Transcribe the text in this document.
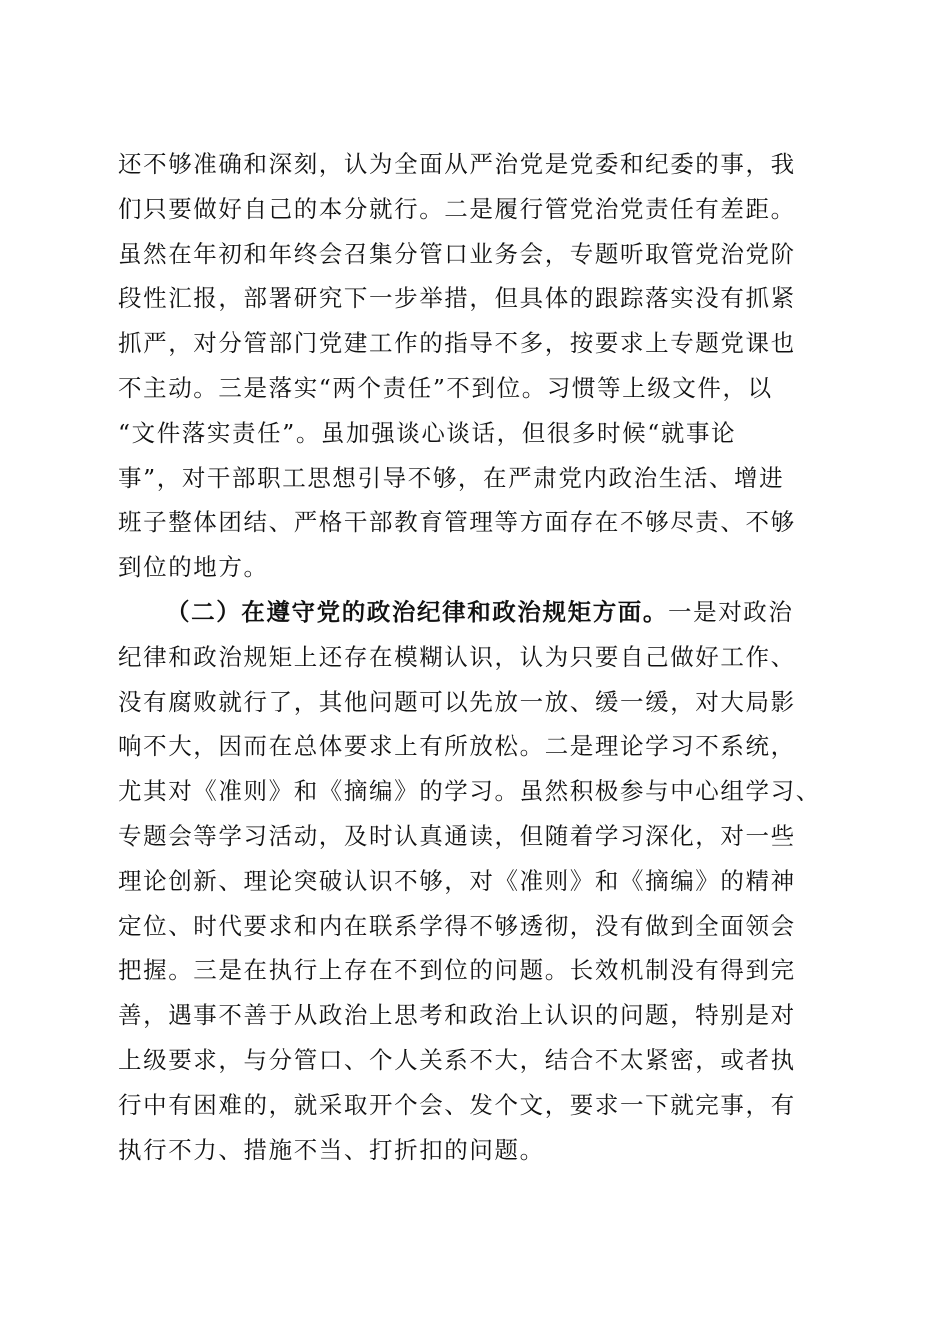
还不够准确和深刻，认为全面从严治党是党委和纪委的事，我
们只要做好自己的本分就行。二是履行管党治党责任有差距。
虽然在年初和年终会召集分管口业务会，专题听取管党治党阶
段性汇报，部署研究下一步举措，但具体的跟踪落实没有抓紧
抓严，对分管部门党建工作的指导不多，按要求上专题党课也
不主动。三是落实“两个责任”不到位。习惯等上级文件，以
“文件落实责任”。虽加强谈心谈话，但很多时候“就事论
事”，对干部职工思想引导不够，在严肃党内政治生活、增进
班子整体团结、严格干部教育管理等方面存在不够尽责、不够
到位的地方。
（二）在遵守党的政治纪律和政治规矩方面。一是对政治
纪律和政治规矩上还存在模糊认识，认为只要自己做好工作、
没有腐败就行了，其他问题可以先放一放、缓一缓，对大局影
响不大，因而在总体要求上有所放松。二是理论学习不系统，
尤其对《准则》和《摘编》的学习。虽然积极参与中心组学习、
专题会等学习活动，及时认真通读，但随着学习深化，对一些
理论创新、理论突破认识不够，对《准则》和《摘编》的精神
定位、时代要求和内在联系学得不够透彻，没有做到全面领会
把握。三是在执行上存在不到位的问题。长效机制没有得到完
善，遇事不善于从政治上思考和政治上认识的问题，特别是对
上级要求，与分管口、个人关系不大，结合不太紧密，或者执
行中有困难的，就采取开个会、发个文，要求一下就完事，有
执行不力、措施不当、打折扣的问题。
